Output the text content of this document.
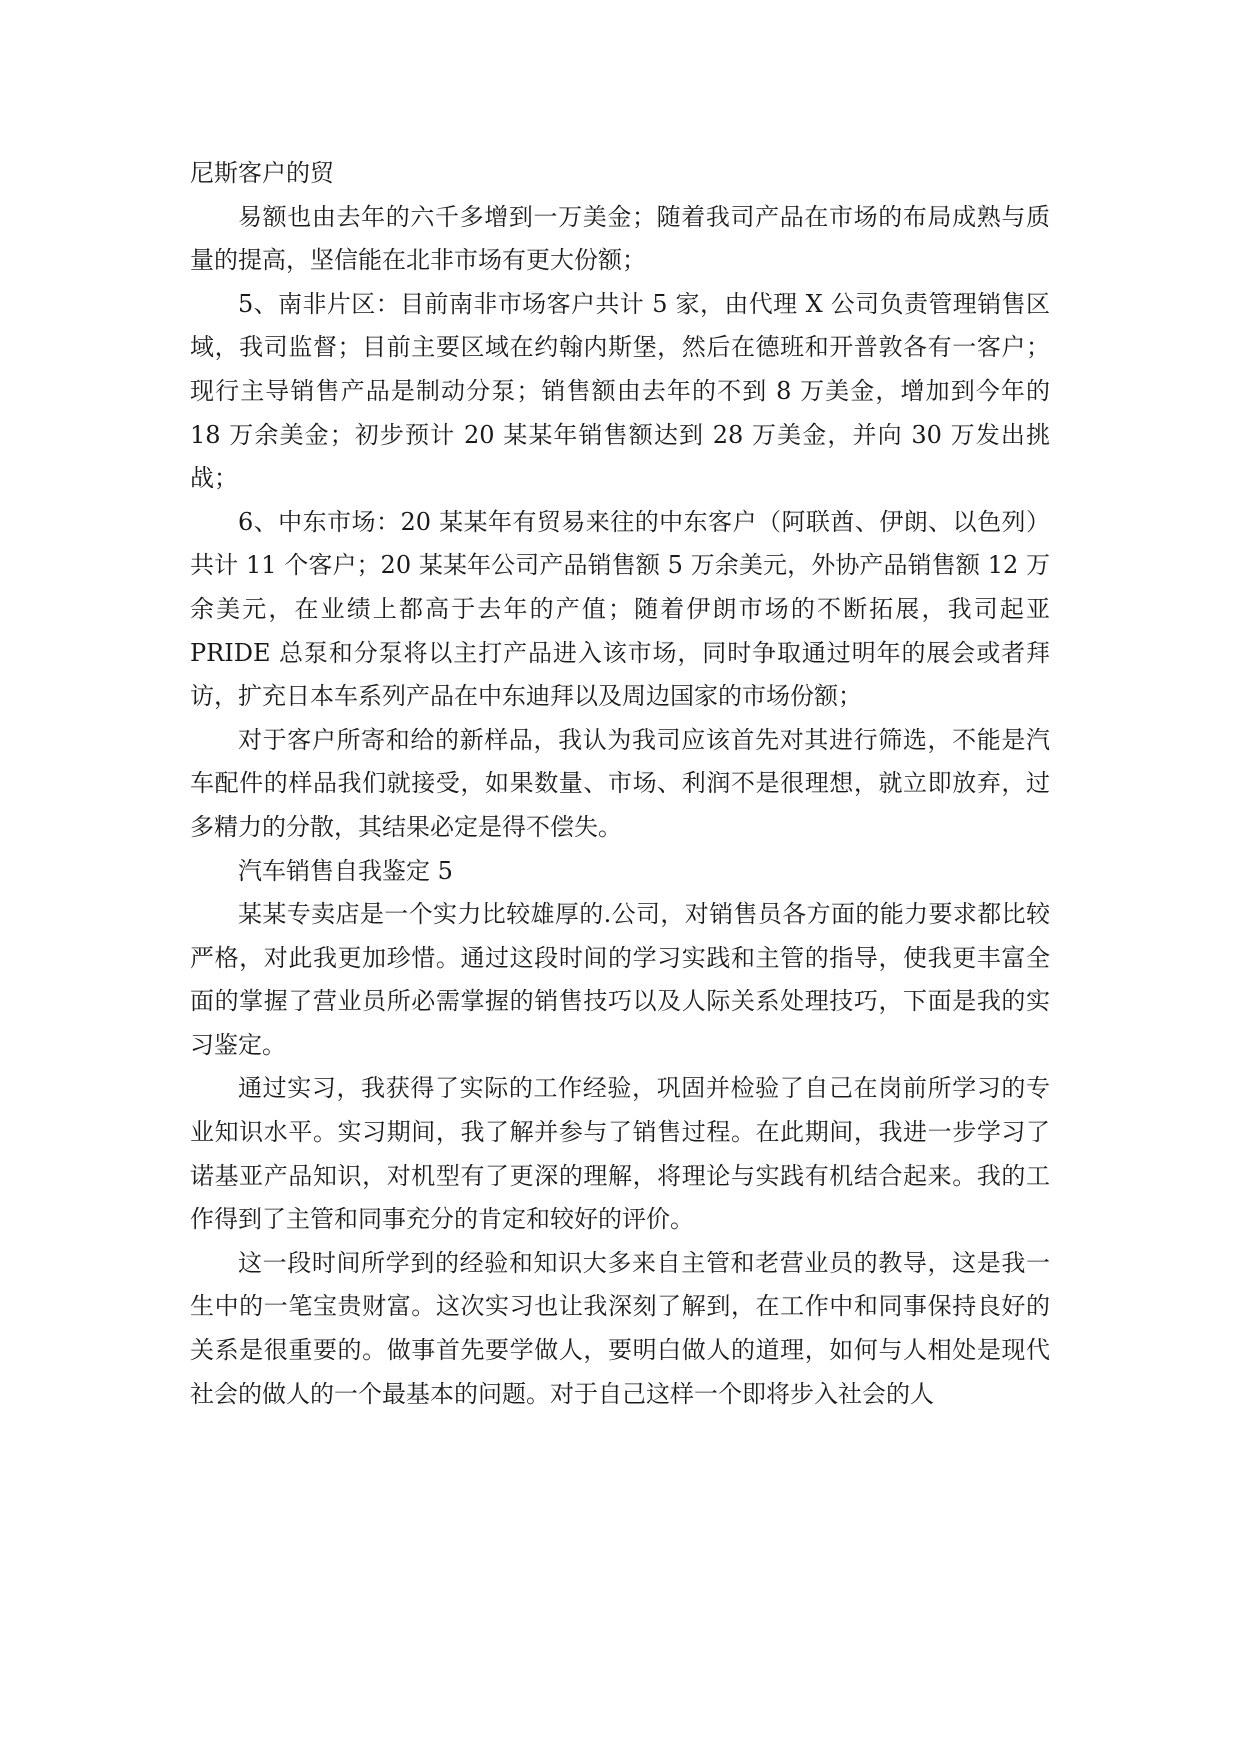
尼斯客户的贸

易额也由去年的六千多增到一万美金；随着我司产品在市场的布局成熟与质量的提高，坚信能在北非市场有更大份额；

5、南非片区：目前南非市场客户共计 5 家，由代理 X 公司负责管理销售区域，我司监督；目前主要区域在约翰内斯堡，然后在德班和开普敦各有一客户；现行主导销售产品是制动分泵；销售额由去年的不到 8 万美金，增加到今年的 18 万余美金；初步预计 20 某某年销售额达到 28 万美金，并向 30 万发出挑战；

6、中东市场：20 某某年有贸易来往的中东客户（阿联酋、伊朗、以色列）共计 11 个客户；20 某某年公司产品销售额 5 万余美元，外协产品销售额 12 万余美元，在业绩上都高于去年的产值；随着伊朗市场的不断拓展，我司起亚 PRIDE 总泵和分泵将以主打产品进入该市场，同时争取通过明年的展会或者拜访，扩充日本车系列产品在中东迪拜以及周边国家的市场份额；

对于客户所寄和给的新样品，我认为我司应该首先对其进行筛选，不能是汽车配件的样品我们就接受，如果数量、市场、利润不是很理想，就立即放弃，过多精力的分散，其结果必定是得不偿失。

汽车销售自我鉴定 5

某某专卖店是一个实力比较雄厚的.公司，对销售员各方面的能力要求都比较严格，对此我更加珍惜。通过这段时间的学习实践和主管的指导，使我更丰富全面的掌握了营业员所必需掌握的销售技巧以及人际关系处理技巧，下面是我的实习鉴定。

通过实习，我获得了实际的工作经验，巩固并检验了自己在岗前所学习的专业知识水平。实习期间，我了解并参与了销售过程。在此期间，我进一步学习了诺基亚产品知识，对机型有了更深的理解，将理论与实践有机结合起来。我的工作得到了主管和同事充分的肯定和较好的评价。

这一段时间所学到的经验和知识大多来自主管和老营业员的教导，这是我一生中的一笔宝贵财富。这次实习也让我深刻了解到，在工作中和同事保持良好的关系是很重要的。做事首先要学做人，要明白做人的道理，如何与人相处是现代社会的做人的一个最基本的问题。对于自己这样一个即将步入社会的人
